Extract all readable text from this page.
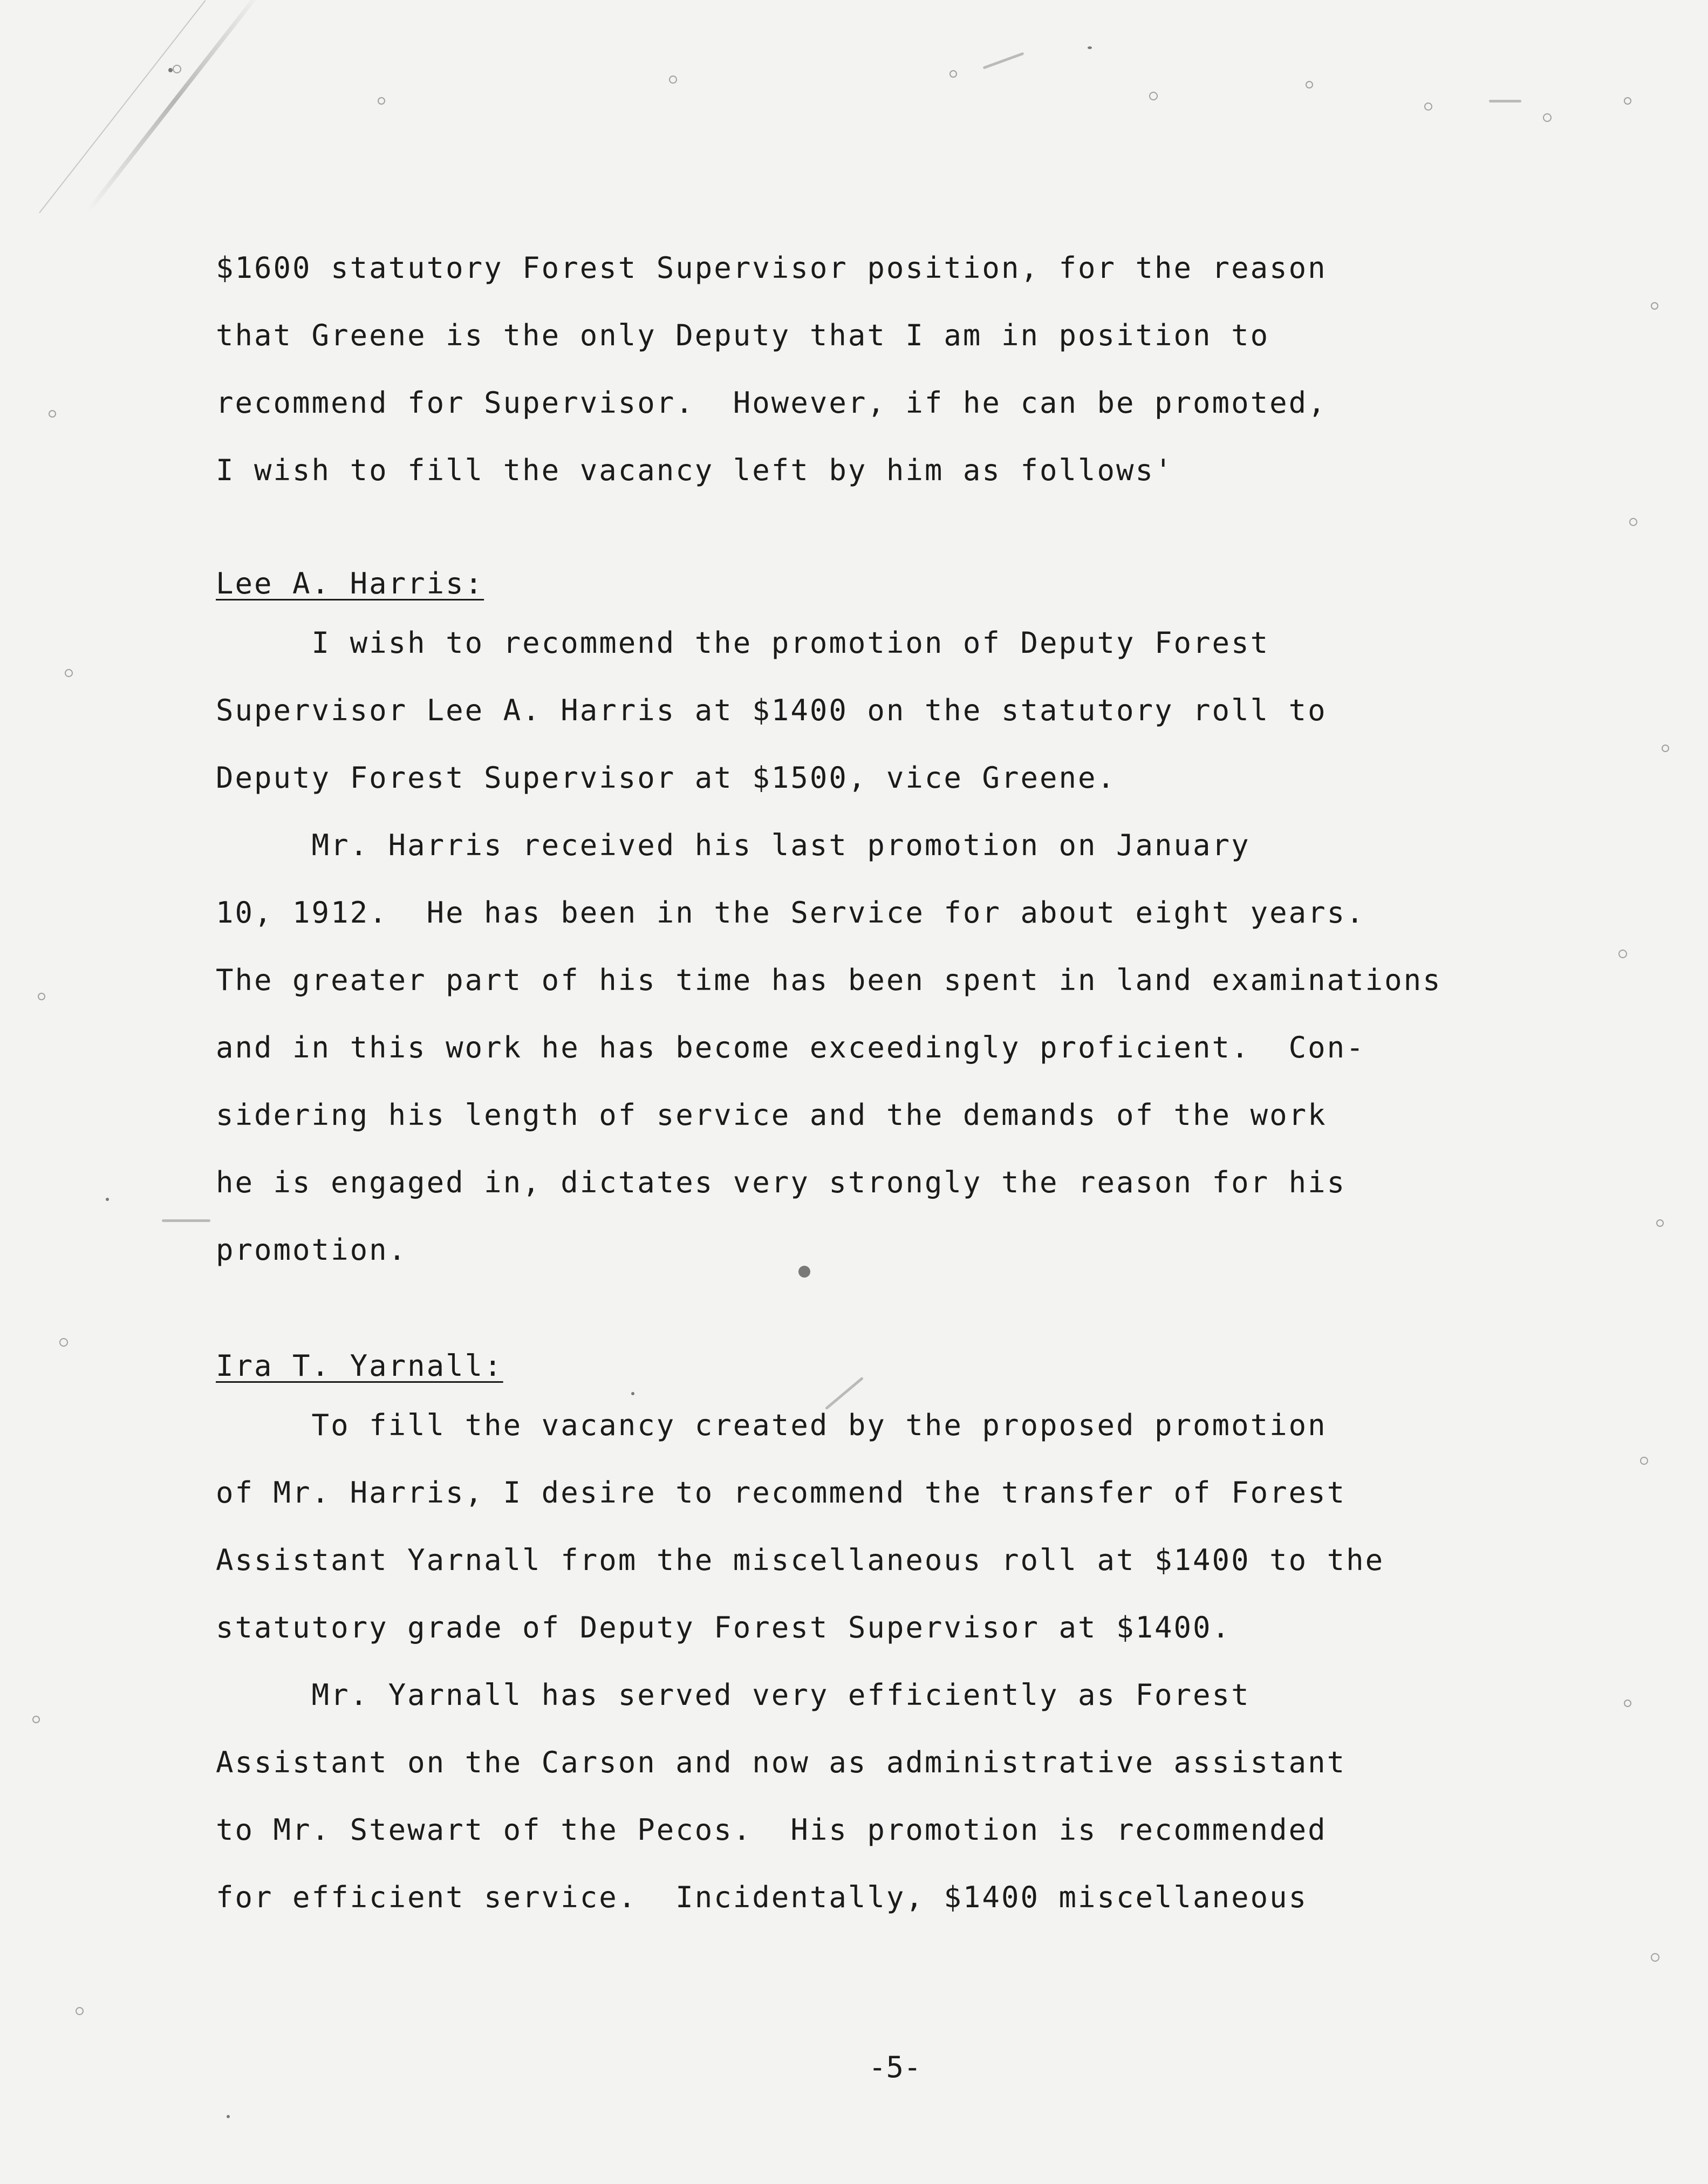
$1600 statutory Forest Supervisor position, for the reason
that Greene is the only Deputy that I am in position to
recommend for Supervisor.  However, if he can be promoted,
I wish to fill the vacancy left by him as follows'
Lee A. Harris:
I wish to recommend the promotion of Deputy Forest
Supervisor Lee A. Harris at $1400 on the statutory roll to
Deputy Forest Supervisor at $1500, vice Greene.
Mr. Harris received his last promotion on January
10, 1912.  He has been in the Service for about eight years.
The greater part of his time has been spent in land examinations
and in this work he has become exceedingly proficient.  Con-
sidering his length of service and the demands of the work
he is engaged in, dictates very strongly the reason for his
promotion.
Ira T. Yarnall:
To fill the vacancy created by the proposed promotion
of Mr. Harris, I desire to recommend the transfer of Forest
Assistant Yarnall from the miscellaneous roll at $1400 to the
statutory grade of Deputy Forest Supervisor at $1400.
Mr. Yarnall has served very efficiently as Forest
Assistant on the Carson and now as administrative assistant
to Mr. Stewart of the Pecos.  His promotion is recommended
for efficient service.  Incidentally, $1400 miscellaneous
-5-
